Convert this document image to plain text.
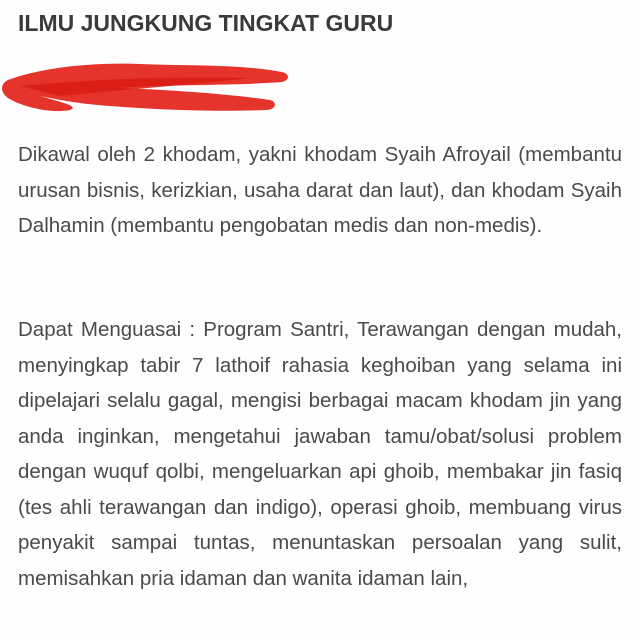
ILMU JUNGKUNG TINGKAT GURU

Dikawal oleh 2 khodam, yakni khodam Syaih Afroyail (membantu urusan bisnis, kerizkian, usaha darat dan laut), dan khodam Syaih Dalhamin (membantu pengobatan medis dan non-medis).

Dapat Menguasai : Program Santri, Terawangan dengan mudah, menyingkap tabir 7 lathoif rahasia keghoiban yang selama ini dipelajari selalu gagal, mengisi berbagai macam khodam jin yang anda inginkan, mengetahui jawaban tamu/obat/solusi problem dengan wuquf qolbi, mengeluarkan api ghoib, membakar jin fasiq (tes ahli terawangan dan indigo), operasi ghoib, membuang virus penyakit sampai tuntas, menuntaskan persoalan yang sulit, memisahkan pria idaman dan wanita idaman lain,
